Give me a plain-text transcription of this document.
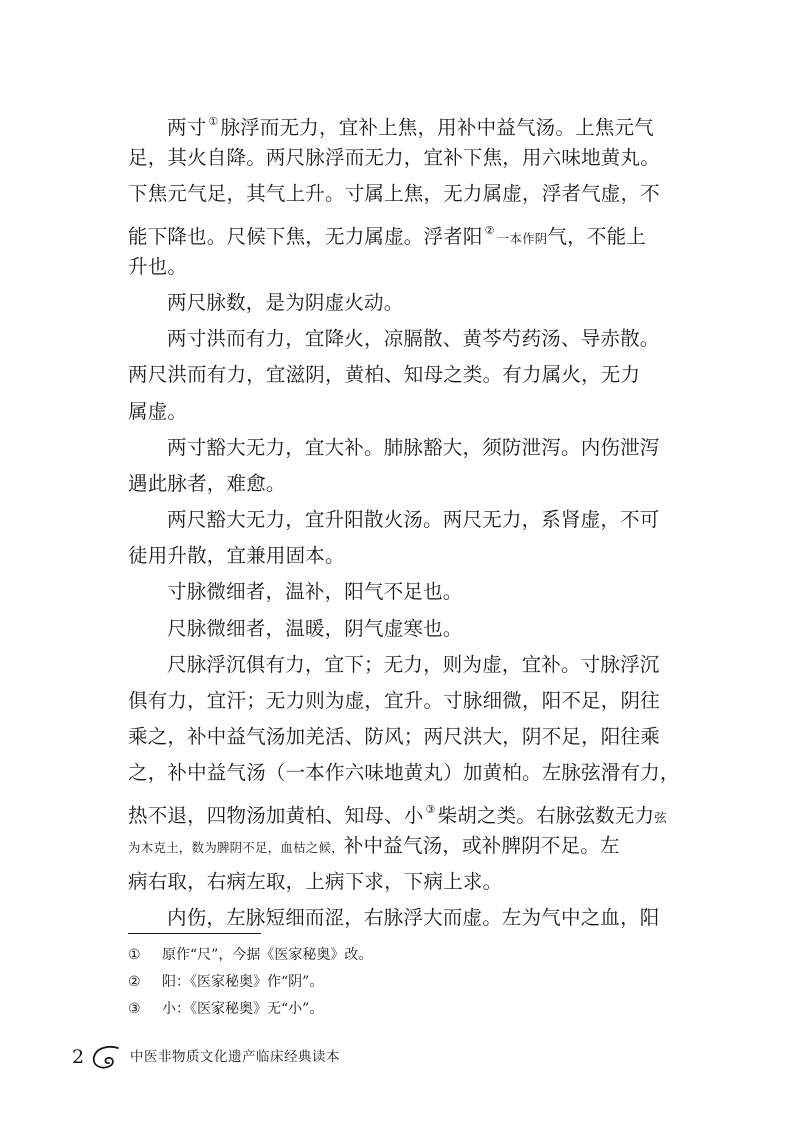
两寸 ① 脉浮而无力，宜补上焦，用补中益气汤。上焦元气
足，其火自降。两尺脉浮而无力，宜补下焦，用六味地黄丸。
下焦元气足，其气上升。寸属上焦，无力属虚，浮者气虚，不
能下降也。尺候下焦，无力属虚。浮者阳 ②一本作阴气，不能上
升也。
两尺脉数，是为阴虚火动。
两寸洪而有力，宜降火，凉膈散、黄芩芍药汤、导赤散。
两尺洪而有力，宜滋阴，黄柏、知母之类。有力属火，无力
属虚。
两寸豁大无力，宜大补。肺脉豁大，须防泄泻。内伤泄泻
遇此脉者，难愈。
两尺豁大无力，宜升阳散火汤。两尺无力，系肾虚，不可
徒用升散，宜兼用固本。
寸脉微细者，温补，阳气不足也。
尺脉微细者，温暖，阴气虚寒也。
尺脉浮沉俱有力，宜下；无力，则为虚，宜补。寸脉浮沉
俱有力，宜汗；无力则为虚，宜升。寸脉细微，阳不足，阴往
乘之，补中益气汤加羌活、防风；两尺洪大，阴不足，阳往乘
之，补中益气汤（一本作六味地黄丸）加黄柏。左脉弦滑有力，
热不退，四物汤加黄柏、知母、小 ③ 柴胡之类。右脉弦数无力弦
为木克土，数为脾阴不足，血枯之候，补中益气汤，或补脾阴不足。左
病右取，右病左取，上病下求，下病上求。
内伤，左脉短细而涩，右脉浮大而虚。左为气中之血，阳
① 原作“尺”，今据《医家秘奥》改。
② 阳：《医家秘奥》作“阴”。
③ 小：《医家秘奥》无“小”。
2	中医非物质文化遗产临床经典读本
